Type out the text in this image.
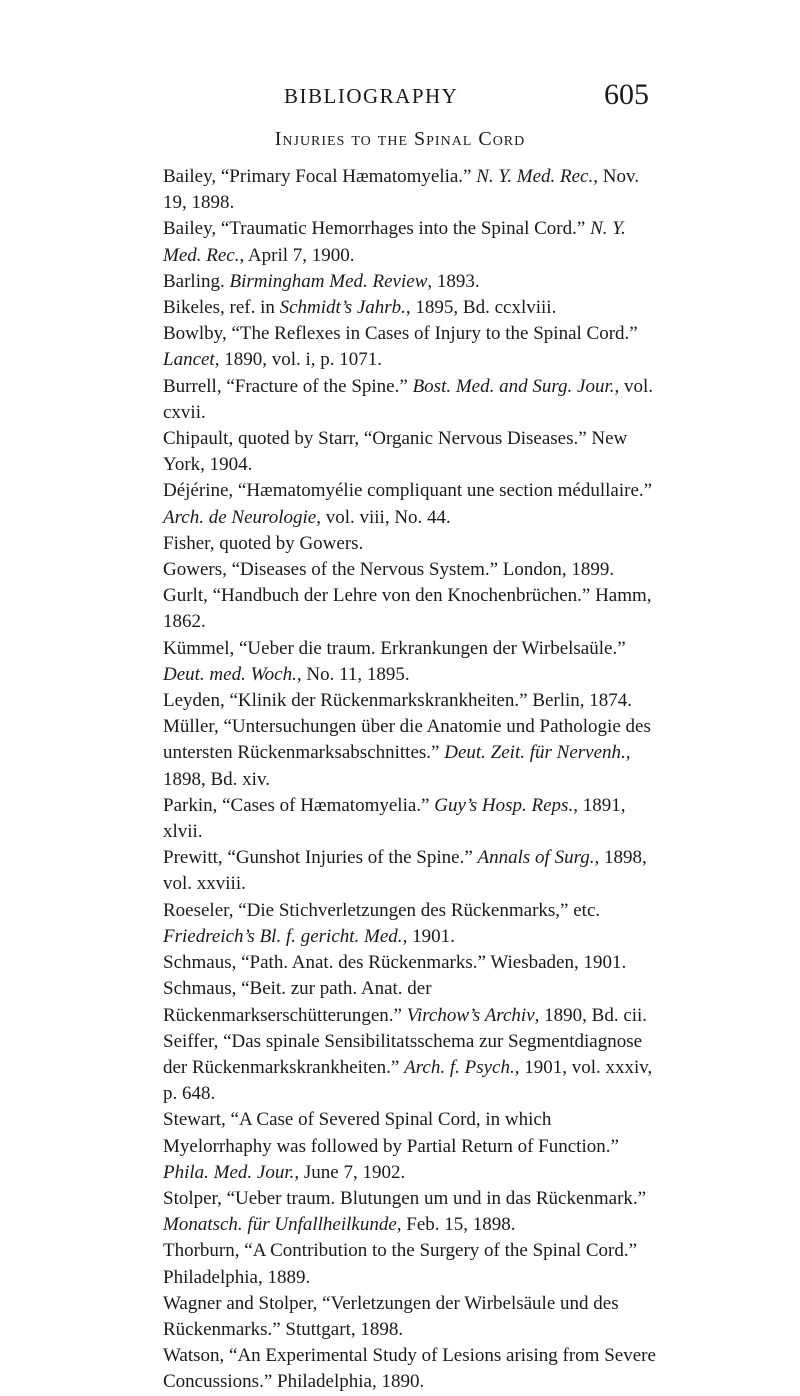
BIBLIOGRAPHY	605
Injuries to the Spinal Cord

Bailey, “Primary Focal Hæmatomyelia.” N. Y. Med. Rec., Nov. 19, 1898.

Bailey, “Traumatic Hemorrhages into the Spinal Cord.” N. Y. Med. Rec., April 7, 1900.

Barling. Birmingham Med. Review, 1893.

Bikeles, ref. in Schmidt’s Jahrb., 1895, Bd. ccxlviii.

Bowlby, “The Reflexes in Cases of Injury to the Spinal Cord.” Lancet, 1890, vol. i, p. 1071.

Burrell, “Fracture of the Spine.” Bost. Med. and Surg. Jour., vol. cxvii.

Chipault, quoted by Starr, “Organic Nervous Diseases.” New York, 1904.

Déjérine, “Hæmatomyélie compliquant une section médullaire.” Arch. de Neurologie, vol. viii, No. 44.

Fisher, quoted by Gowers.

Gowers, “Diseases of the Nervous System.” London, 1899.

Gurlt, “Handbuch der Lehre von den Knochenbrüchen.” Hamm, 1862.

Kümmel, “Ueber die traum. Erkrankungen der Wirbelsaüle.” Deut. med. Woch., No. 11, 1895.

Leyden, “Klinik der Rückenmarkskrankheiten.” Berlin, 1874.

Müller, “Untersuchungen über die Anatomie und Pathologie des untersten Rückenmarksabschnittes.” Deut. Zeit. für Nervenh., 1898, Bd. xiv.

Parkin, “Cases of Hæmatomyelia.” Guy’s Hosp. Reps., 1891, xlvii.

Prewitt, “Gunshot Injuries of the Spine.” Annals of Surg., 1898, vol. xxviii.

Roeseler, “Die Stichverletzungen des Rückenmarks,” etc. Friedreich’s Bl. f. gericht. Med., 1901.

Schmaus, “Path. Anat. des Rückenmarks.” Wiesbaden, 1901.

Schmaus, “Beit. zur path. Anat. der Rückenmarkserschütterungen.” Virchow’s Archiv, 1890, Bd. cii.

Seiffer, “Das spinale Sensibilitatsschema zur Segmentdiagnose der Rückenmarkskrankheiten.” Arch. f. Psych., 1901, vol. xxxiv, p. 648.

Stewart, “A Case of Severed Spinal Cord, in which Myelorrhaphy was followed by Partial Return of Function.” Phila. Med. Jour., June 7, 1902.

Stolper, “Ueber traum. Blutungen um und in das Rückenmark.” Monatsch. für Unfallheilkunde, Feb. 15, 1898.

Thorburn, “A Contribution to the Surgery of the Spinal Cord.” Philadelphia, 1889.

Wagner and Stolper, “Verletzungen der Wirbelsäule und des Rückenmarks.” Stuttgart, 1898.

Watson, “An Experimental Study of Lesions arising from Severe Concussions.” Philadelphia, 1890.
